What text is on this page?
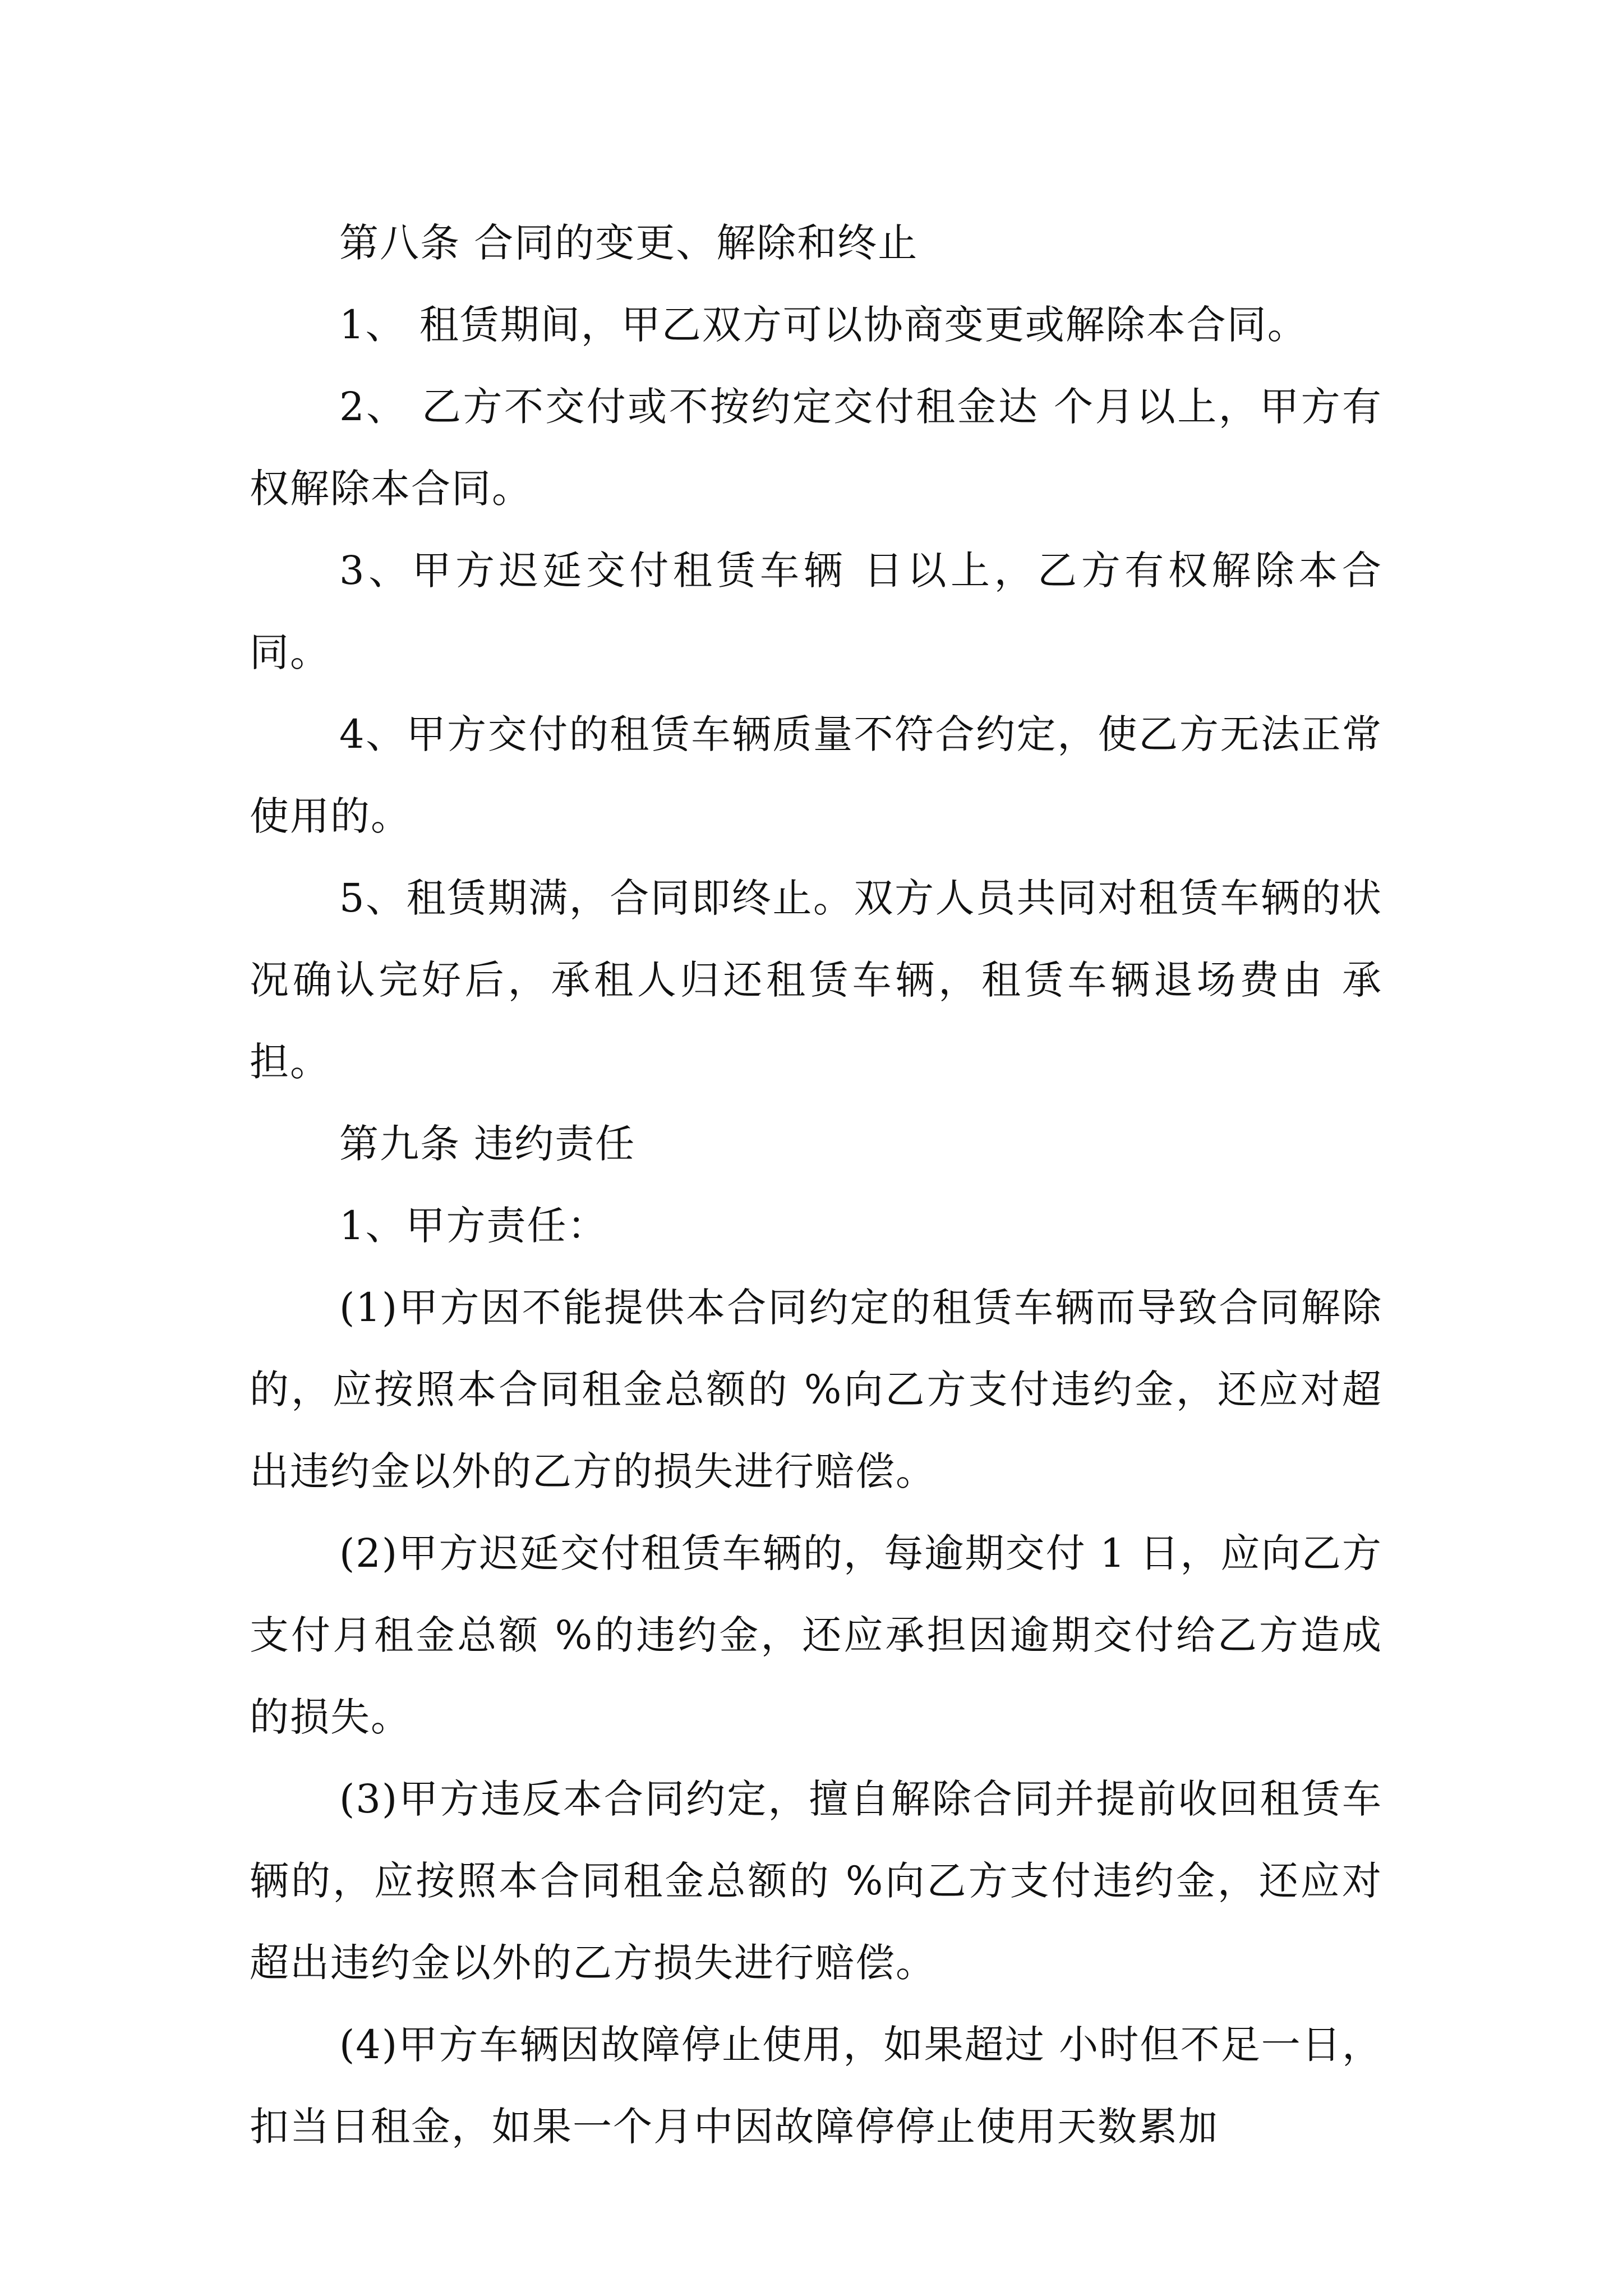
第八条 合同的变更、解除和终止

1、 租赁期间，甲乙双方可以协商变更或解除本合同。

2、 乙方不交付或不按约定交付租金达 个月以上，甲方有权解除本合同。

3、甲方迟延交付租赁车辆 日以上，乙方有权解除本合同。

4、甲方交付的租赁车辆质量不符合约定，使乙方无法正常使用的。

5、租赁期满，合同即终止。双方人员共同对租赁车辆的状况确认完好后，承租人归还租赁车辆，租赁车辆退场费由 承担。

第九条 违约责任

1、甲方责任：

(1)甲方因不能提供本合同约定的租赁车辆而导致合同解除的，应按照本合同租金总额的 %向乙方支付违约金，还应对超出违约金以外的乙方的损失进行赔偿。

(2)甲方迟延交付租赁车辆的，每逾期交付 1 日，应向乙方支付月租金总额 %的违约金，还应承担因逾期交付给乙方造成的损失。

(3)甲方违反本合同约定，擅自解除合同并提前收回租赁车辆的，应按照本合同租金总额的 %向乙方支付违约金，还应对超出违约金以外的乙方损失进行赔偿。

(4)甲方车辆因故障停止使用，如果超过 小时但不足一日，扣当日租金，如果一个月中因故障停停止使用天数累加
